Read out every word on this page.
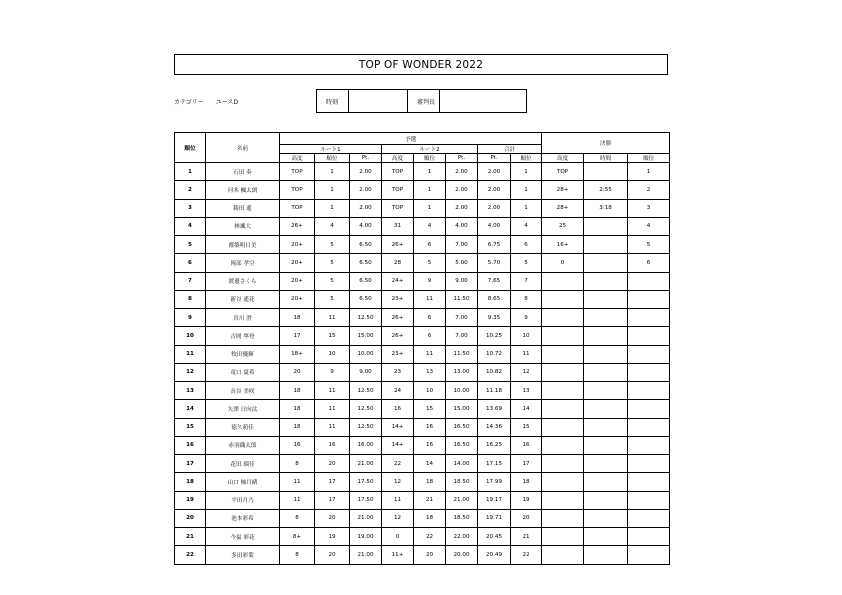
TOP OF WONDER 2022
カテゴリー ユースD	時刻		審判長	
順位	名前	予選								決勝		
		ルート1			ルート2			合計				
		高度	順位	Pt.	高度	順位	Pt.	Pt.	順位	高度	時間	順位
1	石田 奏	TOP	1	2.00	TOP	1	2.00	2.00	1	TOP		1
2	河本 楓太朗	TOP	1	2.00	TOP	1	2.00	2.00	1	28+	2:55	2
3	鋳田 遙	TOP	1	2.00	TOP	1	2.00	2.00	1	28+	3:18	3
4	林颯大	26+	4	4.00	31	4	4.00	4.00	4	25		4
5	都築明日美	20+	5	6.50	26+	6	7.00	6.75	6	16+		5
6	岡部 孝空	20+	5	6.50	28	5	5.00	5.70	5	0		6
7	渡邊さくら	20+	5	6.50	24+	9	9.00	7.65	7			
8	新谷 遙花	20+	5	6.50	23+	11	11.50	8.65	8			
9	宮川 澄	18	11	12.50	26+	6	7.00	9.35	9			
10	吉岡 寧登	17	15	15.00	26+	6	7.00	10.25	10			
11	牧田優輝	18+	10	10.00	23+	11	11.50	10.72	11			
12	竜口 夏希	20	9	9.00	23	13	13.00	10.82	12			
13	長谷 美咲	18	11	12.50	24	10	10.00	11.18	13			
14	矢澤 日向汰	18	11	12.50	16	15	15.00	13.69	14			
15	徳久萌佳	18	11	12.50	14+	16	16.50	14.36	15			
16	赤羽織太郎	16	16	16.00	14+	16	16.50	16.25	16			
17	花田 瑠佳	8	20	21.00	22	14	14.00	17.15	17			
18	山口 柚月緒	11	17	17.50	12	18	18.50	17.99	18			
19	平田月乃	11	17	17.50	11	21	21.00	19.17	19			
20	池本彩希	8	20	21.00	12	18	18.50	19.71	20			
21	今福 彩花	8+	19	19.00	0	22	22.00	20.45	21			
22	多田彩葉	8	20	21.00	11+	20	20.00	20.49	22			
